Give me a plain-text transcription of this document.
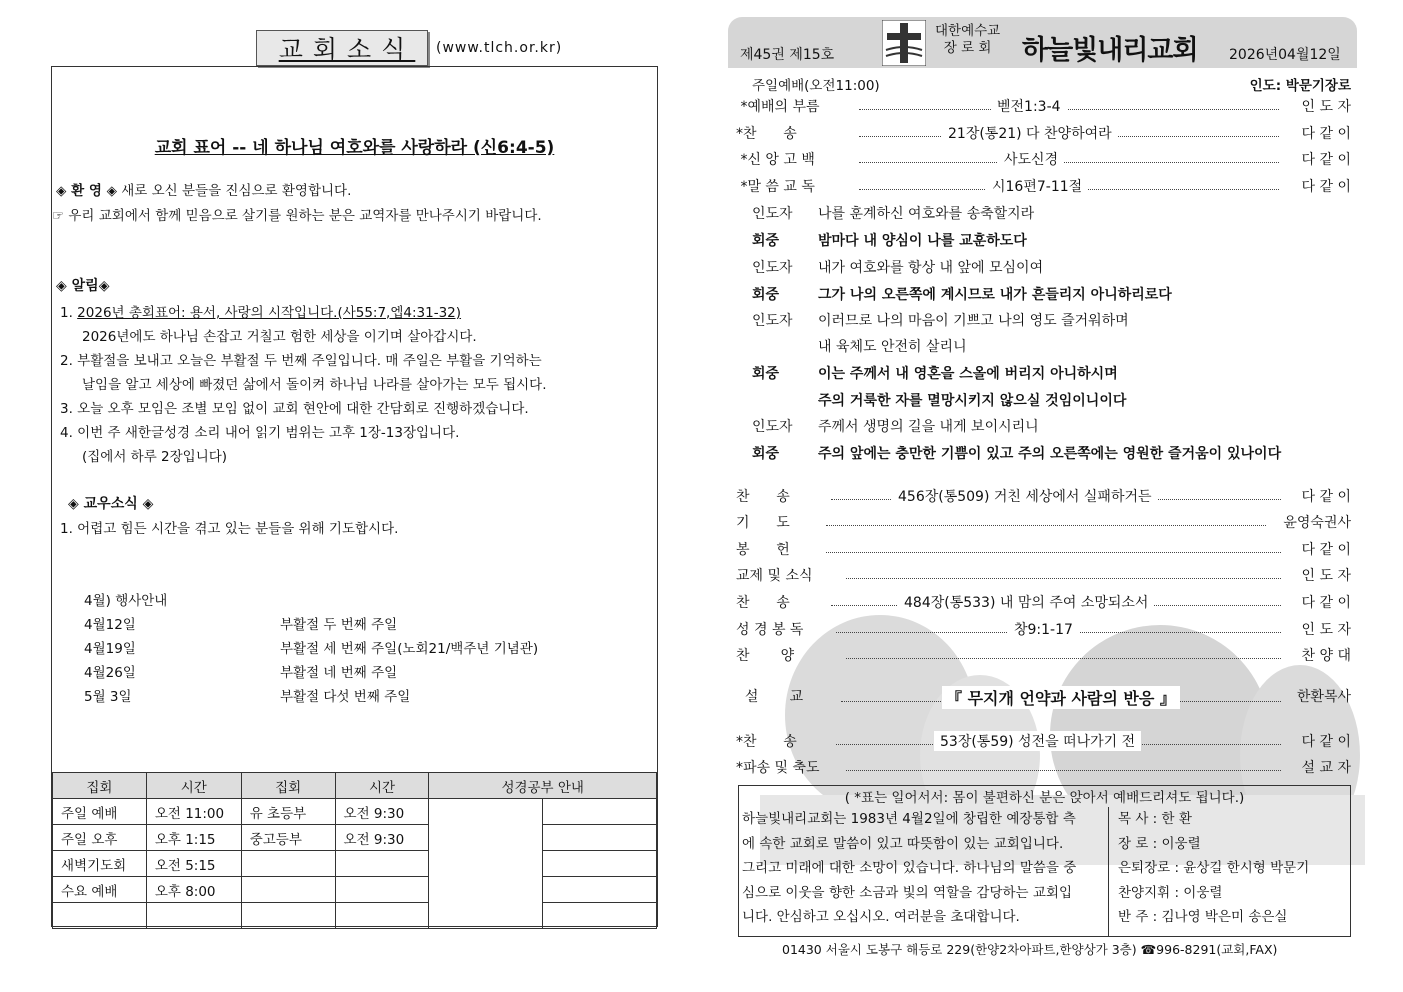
교회소식 (www.tlch.or.kr)
교회 표어 -- 네 하나님 여호와를 사랑하라 (신6:4-5)
◈ 환 영 ◈ 새로 오신 분들을 진심으로 환영합니다.
☞ 우리 교회에서 함께 믿음으로 살기를 원하는 분은 교역자를 만나주시기 바랍니다.
◈ 알림◈
1. 2026년 총회표어: 용서, 사랑의 시작입니다.(사55:7,엡4:31-32)
2026년에도 하나님 손잡고 거칠고 험한 세상을 이기며 살아갑시다.
2. 부활절을 보내고 오늘은 부활절 두 번째 주일입니다. 매 주일은 부활을 기억하는
날임을 알고 세상에 빠졌던 삶에서 돌이켜 하나님 나라를 살아가는 모두 됩시다.
3. 오늘 오후 모임은 조별 모임 없이 교회 현안에 대한 간담회로 진행하겠습니다.
4. 이번 주 새한글성경 소리 내어 읽기 범위는 고후 1장-13장입니다.
(집에서 하루 2장입니다)
◈ 교우소식 ◈
1. 어렵고 힘든 시간을 겪고 있는 분들을 위해 기도합시다.
4월) 행사안내
4월12일	부활절 두 번째 주일
4월19일	부활절 세 번째 주일(노회21/백주년 기념관)
4월26일	부활절 네 번째 주일
5월 3일	부활절 다섯 번째 주일
집회	시간	집회	시간	성경공부 안내	
주일 예배	오전 11:00	유 초등부	오전 9:30		
주일 오후	오후 1:15	중고등부	오전 9:30		
새벽기도회	오전 5:15				
수요 예배	오후 8:00				

제45권 제15호
대한예수교
장 로 회	하늘빛내리교회 2026년04월12일
주일예배(오전11:00)	인도: 박문기장로
*예배의 부름	벧전1:3-4	인 도 자
*찬      송	21장(통21) 다 찬양하여라	다 같 이
*신 앙 고 백	사도신경	다 같 이
*말 씀 교 독	시16편7-11절	다 같 이
인도자 나를 훈계하신 여호와를 송축할지라
회중	밤마다 내 양심이 나를 교훈하도다
인도자 내가 여호와를 항상 내 앞에 모심이여
회중	그가 나의 오른쪽에 계시므로 내가 흔들리지 아니하리로다
인도자 이러므로 나의 마음이 기쁘고 나의 영도 즐거워하며
내 육체도 안전히 살리니
회중	이는 주께서 내 영혼을 스올에 버리지 아니하시며
주의 거룩한 자를 멸망시키지 않으실 것임이니이다
인도자 주께서 생명의 길을 내게 보이시리니
회중	주의 앞에는 충만한 기쁨이 있고 주의 오른쪽에는 영원한 즐거움이 있나이다
찬      송	456장(통509) 거친 세상에서 실패하거든	다 같 이
기      도	윤영숙권사
봉      헌	다 같 이
교제 및 소식	인 도 자
찬      송	484장(통533) 내 맘의 주여 소망되소서	다 같 이
성 경 봉 독	창9:1-17	인 도 자
찬       양	찬 양 대
설       교	『 무지개 언약과 사람의 반응 』	한환목사
*찬      송	53장(통59) 성전을 떠나가기 전	다 같 이
*파송 및 축도	설 교 자
하늘빛내리교회는 1983년 4월2일에 창립한 예장통합 측
에 속한 교회로 말씀이 있고 따뜻함이 있는 교회입니다.
그리고 미래에 대한 소망이 있습니다. 하나님의 말씀을 중
심으로 이웃을 향한 소금과 빛의 역할을 감당하는 교회입
니다. 안심하고 오십시오. 여러분을 초대합니다.
목 사 : 한 환
장 로 : 이웅렬
은퇴장로 : 윤상길 한시형 박문기
찬양지휘 : 이웅렬
반 주 : 김나영 박은미 송은실
( *표는 일어서서: 몸이 불편하신 분은 앉아서 예배드리셔도 됩니다.)
01430 서울시 도봉구 해등로 229(한양2차아파트,한양상가 3층) ☎996-8291(교회,FAX)
